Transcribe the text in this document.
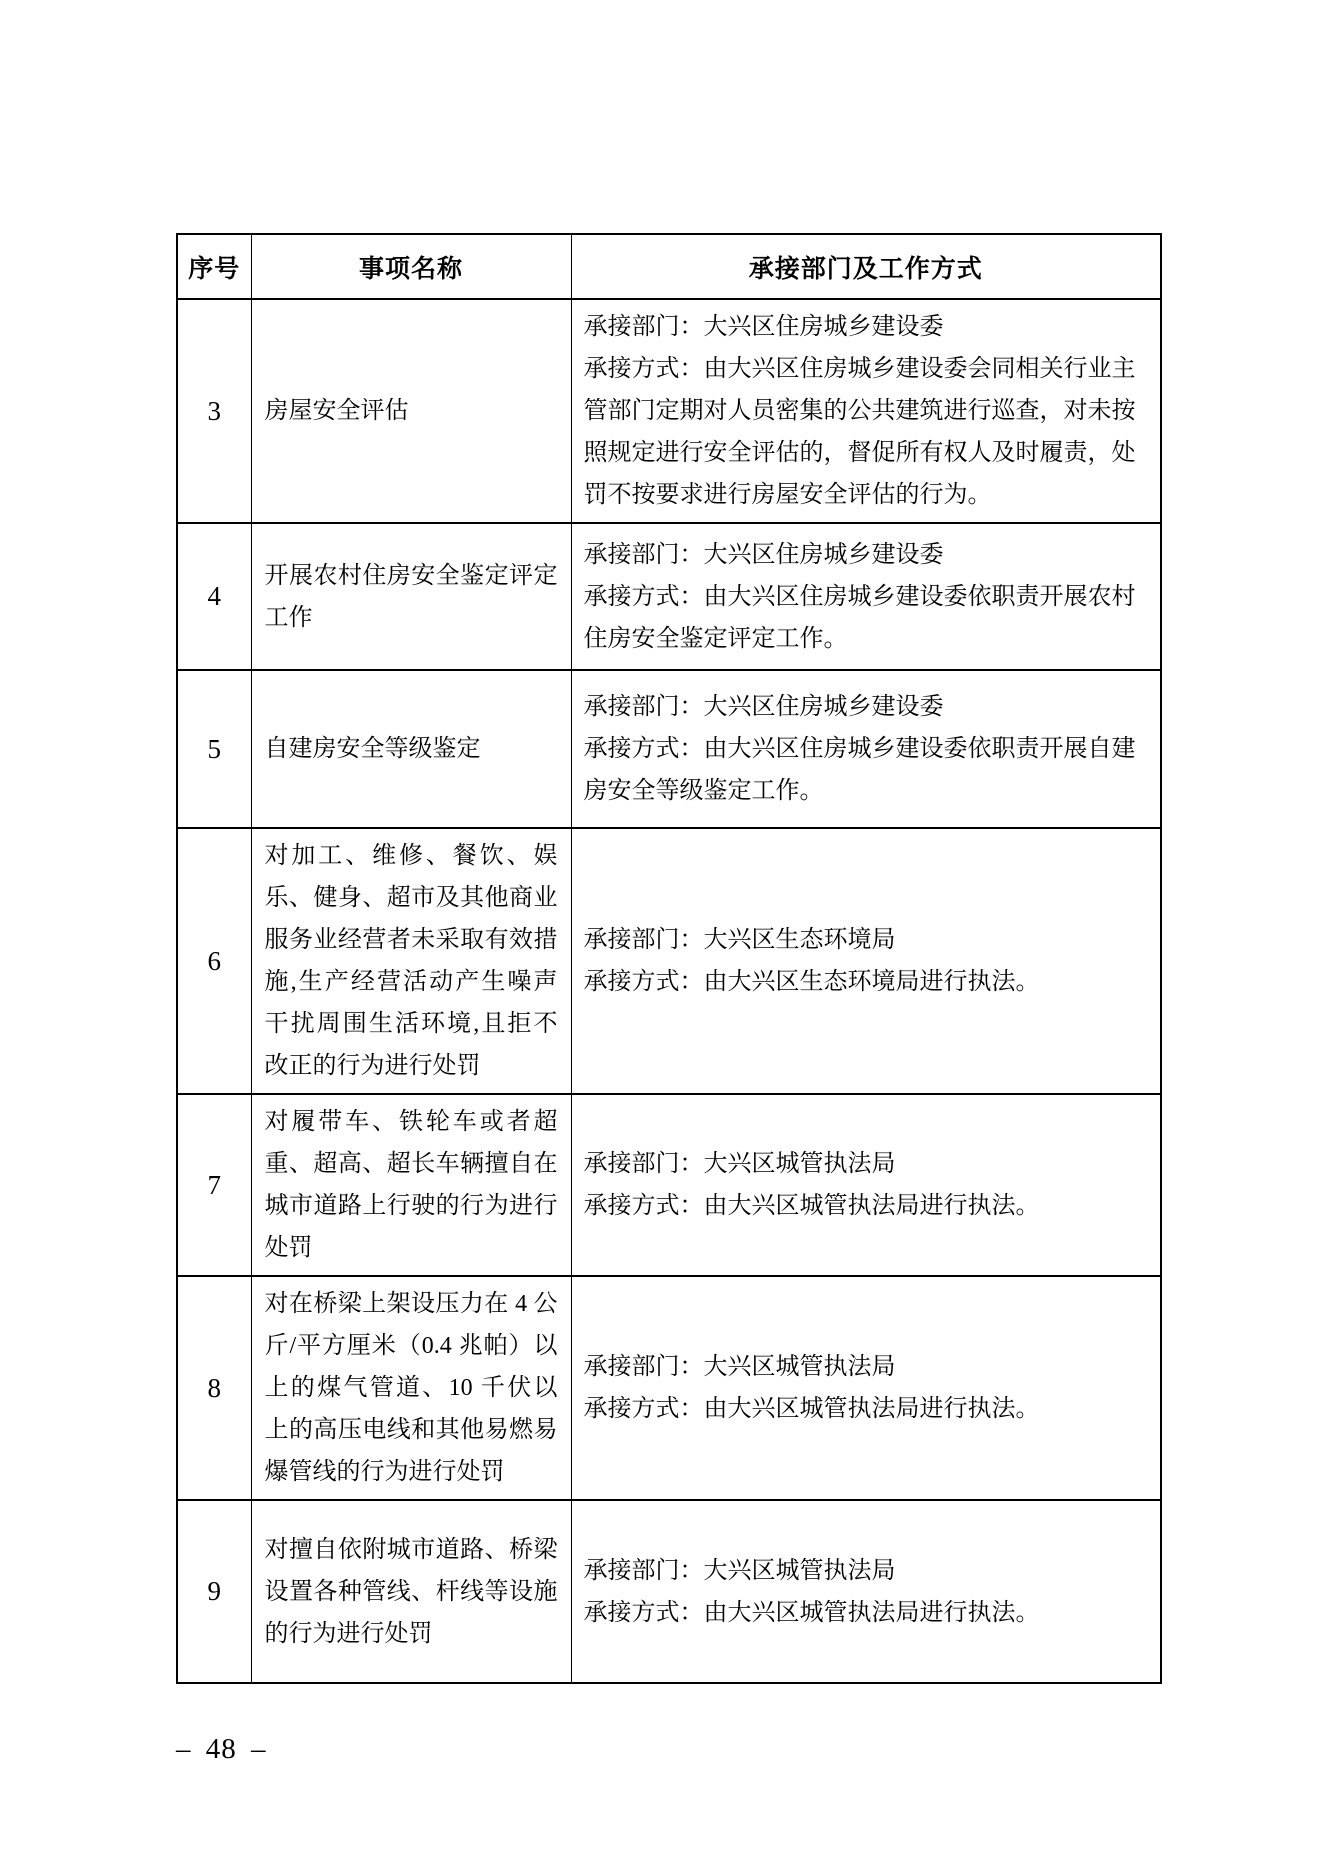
序号	事项名称	承接部门及工作方式
3	房屋安全评估	承接部门：大兴区住房城乡建设委
承接方式：由大兴区住房城乡建设委会同相关行业主管部门定期对人员密集的公共建筑进行巡查，对未按照规定进行安全评估的，督促所有权人及时履责，处罚不按要求进行房屋安全评估的行为。

4	开展农村住房安全鉴定评定工作	承接部门：大兴区住房城乡建设委
承接方式：由大兴区住房城乡建设委依职责开展农村住房安全鉴定评定工作。

5	自建房安全等级鉴定	承接部门：大兴区住房城乡建设委
承接方式：由大兴区住房城乡建设委依职责开展自建房安全等级鉴定工作。

6	对加工、维修、餐饮、娱乐、健身、超市及其他商业服务业经营者未采取有效措施,生产经营活动产生噪声干扰周围生活环境,且拒不改正的行为进行处罚	承接部门：大兴区生态环境局
承接方式：由大兴区生态环境局进行执法。

7	对履带车、铁轮车或者超重、超高、超长车辆擅自在城市道路上行驶的行为进行处罚	承接部门：大兴区城管执法局
承接方式：由大兴区城管执法局进行执法。

8	对在桥梁上架设压力在 4 公斤/平方厘米（0.4 兆帕）以上的煤气管道、10 千伏以上的高压电线和其他易燃易爆管线的行为进行处罚	承接部门：大兴区城管执法局
承接方式：由大兴区城管执法局进行执法。

9	对擅自依附城市道路、桥梁设置各种管线、杆线等设施的行为进行处罚	承接部门：大兴区城管执法局
承接方式：由大兴区城管执法局进行执法。
– 48 –
